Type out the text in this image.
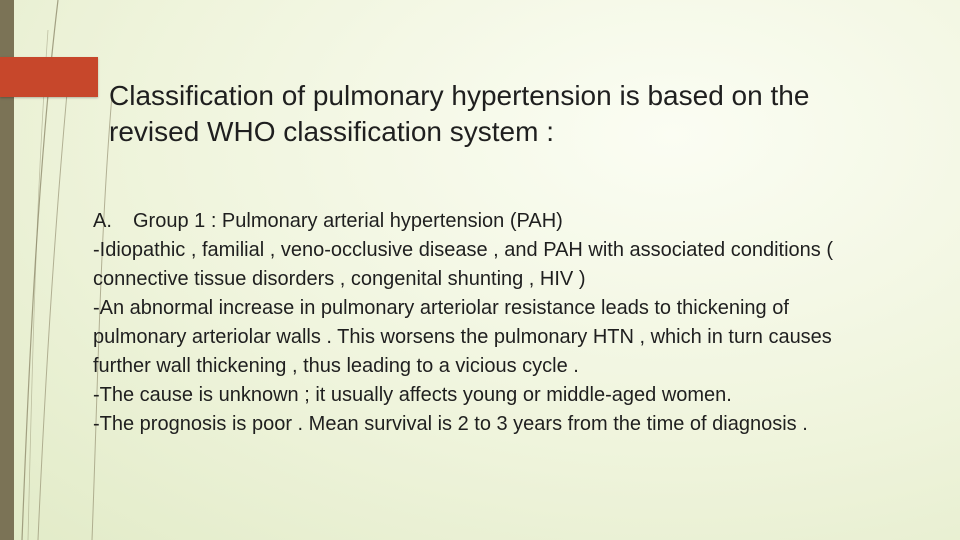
Classification of pulmonary hypertension is based on the revised WHO classification system :

A. Group 1 : Pulmonary arterial hypertension (PAH)

-Idiopathic , familial , veno-occlusive disease , and PAH with associated conditions ( connective tissue disorders , congenital shunting , HIV )

-An abnormal increase in pulmonary arteriolar resistance leads to thickening of pulmonary arteriolar walls . This worsens the pulmonary HTN , which in turn causes further wall thickening , thus leading to a vicious cycle .

-The cause is unknown ; it usually affects young or middle-aged women.

-The prognosis is poor . Mean survival is 2 to 3 years from the time of diagnosis .
